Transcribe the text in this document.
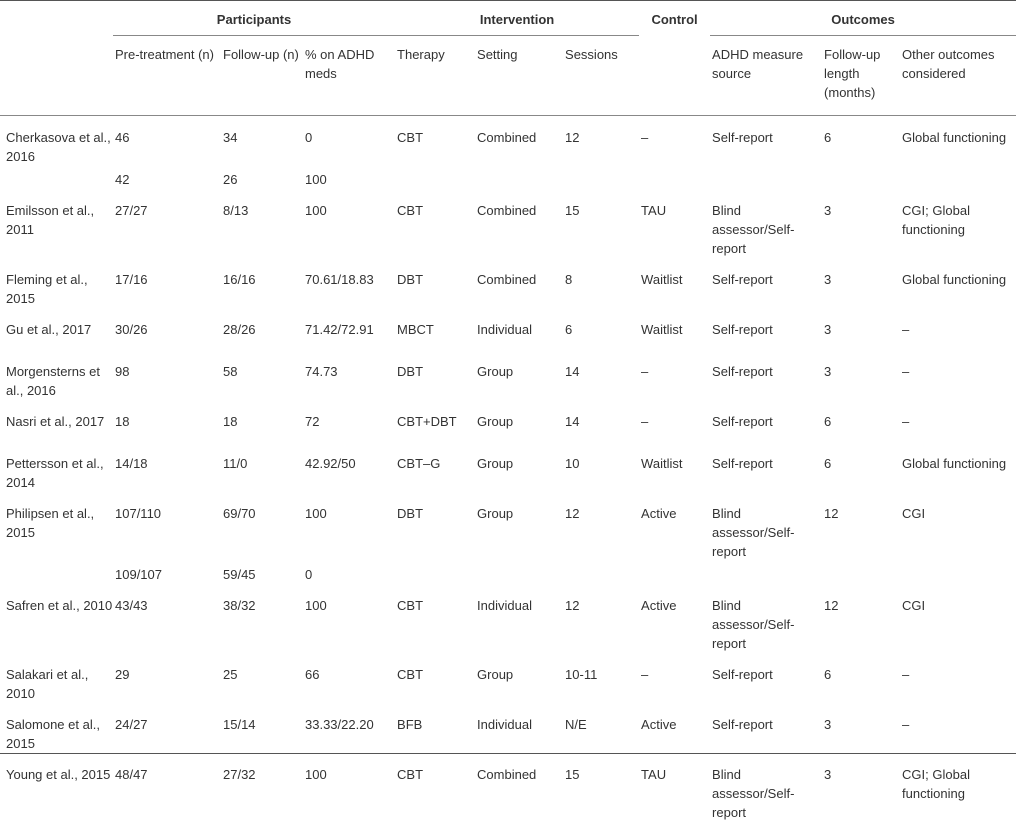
	Participants			Intervention			Control	Outcomes		
	Pre-treatment (n)	Follow-up (n)	% on ADHD meds	Therapy	Setting	Sessions		ADHD measure source	Follow-up length (months)	Other outcomes considered
Cherkasova et al., 2016	46	34	0	CBT	Combined	12	–	Self-report	6	Global functioning
	42	26	100							
Emilsson et al., 2011	27/27	8/13	100	CBT	Combined	15	TAU	Blind assessor/Self-report	3	CGI; Global functioning
Fleming et al., 2015	17/16	16/16	70.61/18.83	DBT	Combined	8	Waitlist	Self-report	3	Global functioning
Gu et al., 2017	30/26	28/26	71.42/72.91	MBCT	Individual	6	Waitlist	Self-report	3	–
Morgensterns et al., 2016	98	58	74.73	DBT	Group	14	–	Self-report	3	–
Nasri et al., 2017	18	18	72	CBT+DBT	Group	14	–	Self-report	6	–
Pettersson et al., 2014	14/18	11/0	42.92/50	CBT–G	Group	10	Waitlist	Self-report	6	Global functioning
Philipsen et al., 2015	107/110	69/70	100	DBT	Group	12	Active	Blind assessor/Self-report	12	CGI
	109/107	59/45	0							
Safren et al., 2010	43/43	38/32	100	CBT	Individual	12	Active	Blind assessor/Self-report	12	CGI
Salakari et al., 2010	29	25	66	CBT	Group	10-11	–	Self-report	6	–
Salomone et al., 2015	24/27	15/14	33.33/22.20	BFB	Individual	N/E	Active	Self-report	3	–
Young et al., 2015	48/47	27/32	100	CBT	Combined	15	TAU	Blind assessor/Self-report	3	CGI; Global functioning
